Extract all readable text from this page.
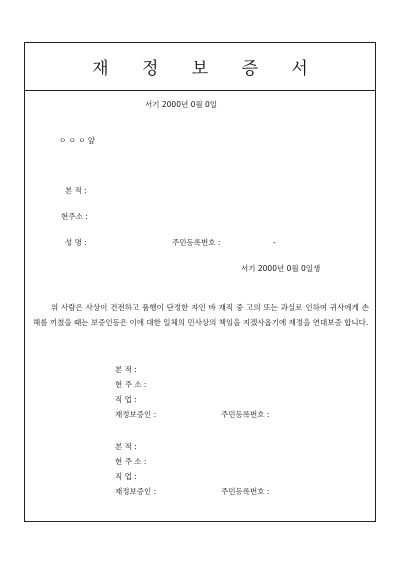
재 정 보 증 서
서기 2000년 0월 0일
ㅇ ㅇ ㅇ 앞
본 적 :
현주소 :
성 명 :	주민등록번호 :	-
서기 2000년 0월 0일생
위 사람은 사상이 건전하고 품행이 단정한 자인 바 재직 중 고의 또는 과실로 인하여 귀사에게 손해를 끼쳤을 때는 보증인등은 이에 대한 일체의 민사상의 책임을 지겠사옵기에 재정을 연대보증 합니다.
본 적 :
현 주 소 :
직 업 :
재정보증인 :	주민등록번호 :
본 적 :
현 주 소 :
직 업 :
재정보증인 :	주민등록번호 :
